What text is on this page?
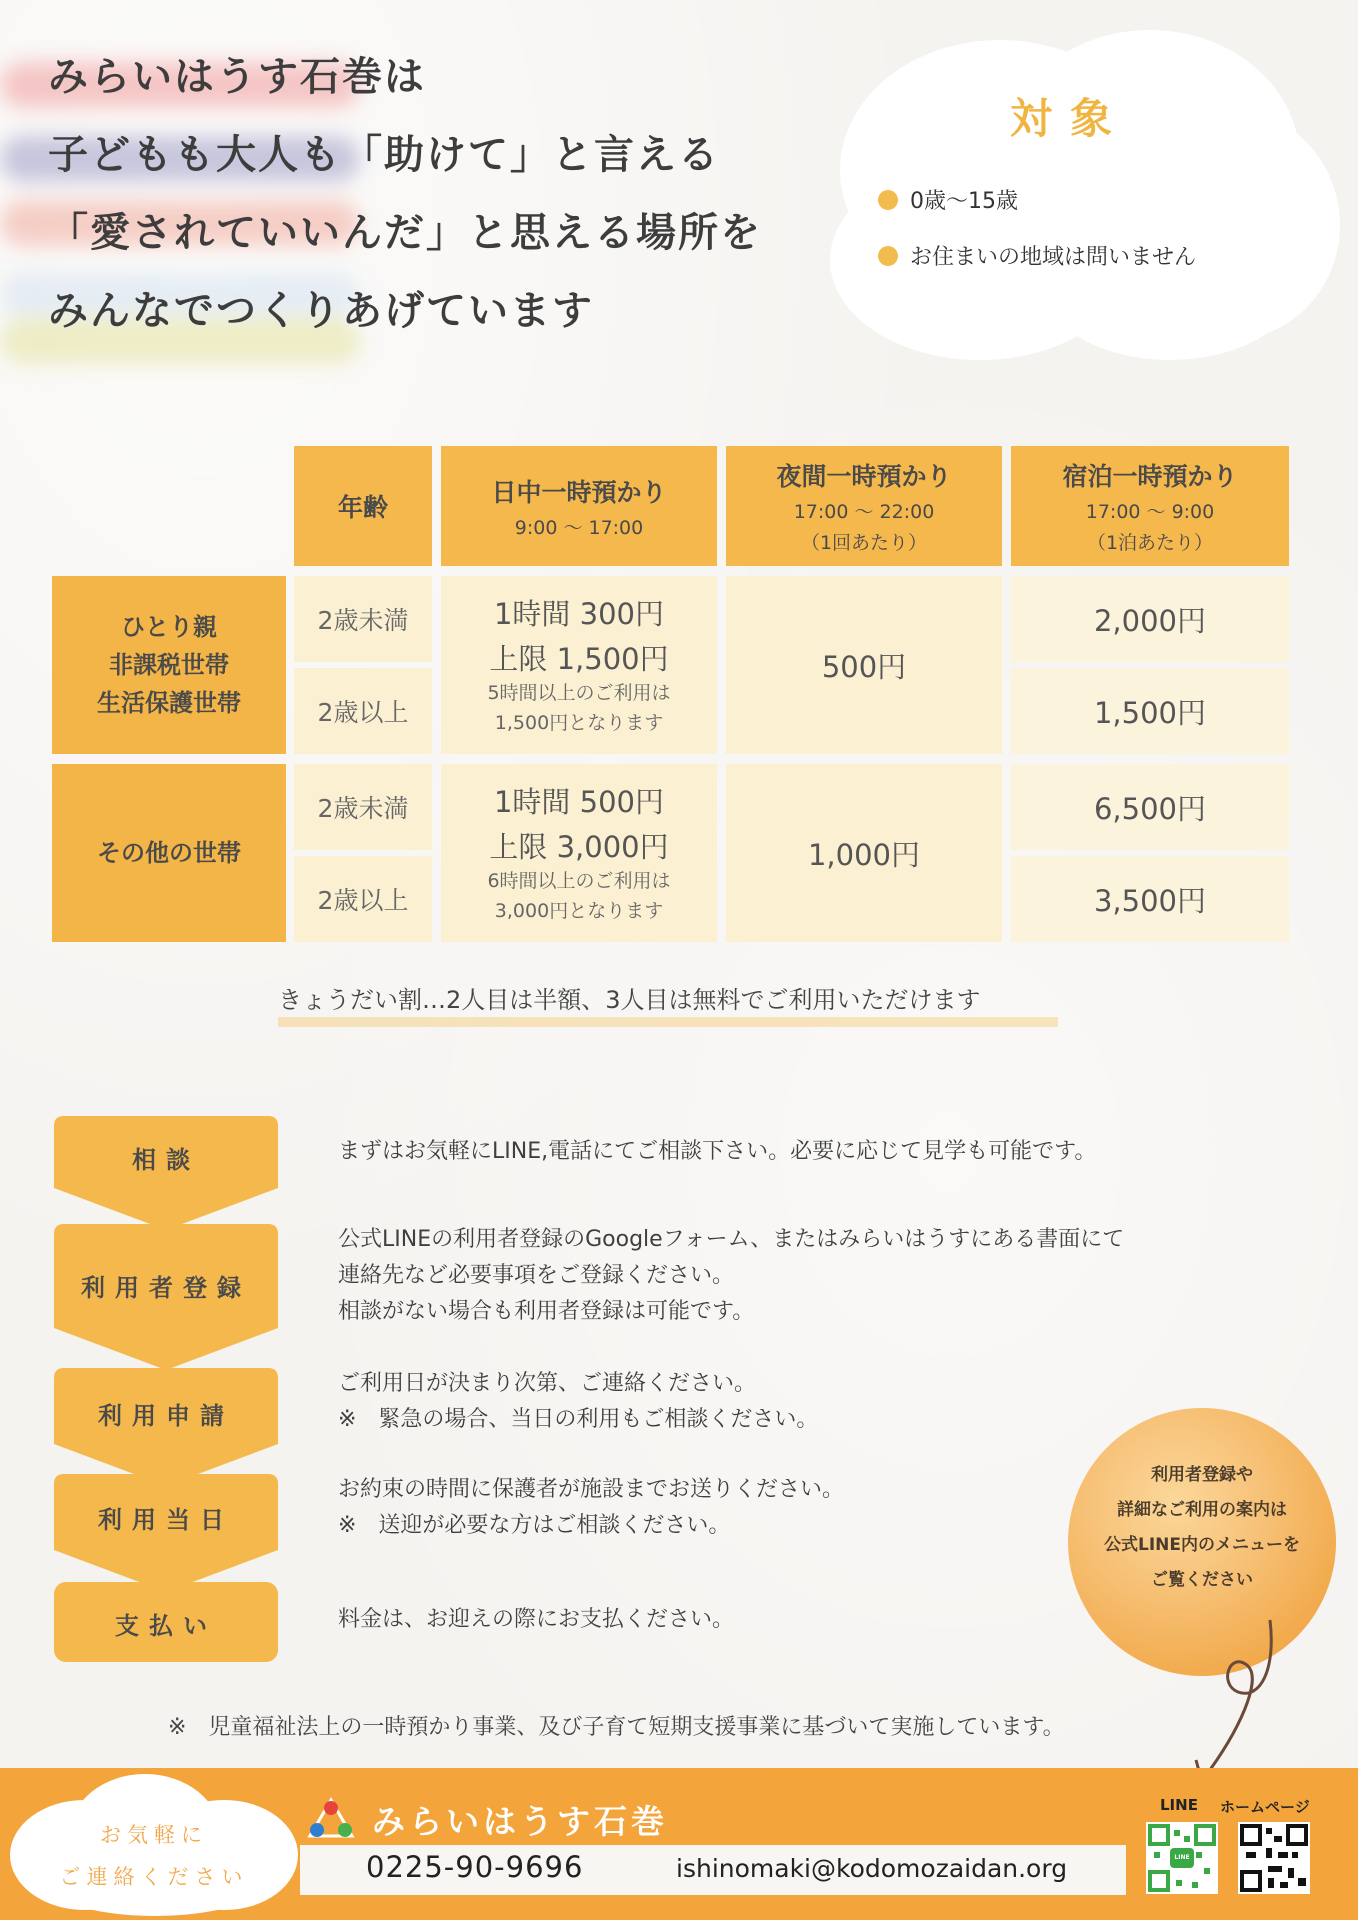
みらいはうす石巻は
子どもも大人も「助けて」と言える
「愛されていいんだ」と思える場所を
みんなでつくりあげています
対象
0歳～15歳
お住まいの地域は問いません
年齢
日中一時預かり
9:00 ～ 17:00
夜間一時預かり
17:00 ～ 22:00
（1回あたり）
宿泊一時預かり
17:00 ～ 9:00
（1泊あたり）
ひとり親
非課税世帯
生活保護世帯
2歳未満
2歳以上
1時間 300円
上限 1,500円
5時間以上のご利用は
1,500円となります
500円
2,000円
1,500円
その他の世帯
2歳未満
2歳以上
1時間 500円
上限 3,000円
6時間以上のご利用は
3,000円となります
1,000円
6,500円
3,500円
きょうだい割…2人目は半額、3人目は無料でご利用いただけます
相談
利用者登録
利用申請
利用当日
支払い
まずはお気軽にLINE,電話にてご相談下さい。必要に応じて見学も可能です。
公式LINEの利用者登録のGoogleフォーム、またはみらいはうすにある書面にて
連絡先など必要事項をご登録ください。
相談がない場合も利用者登録は可能です。
ご利用日が決まり次第、ご連絡ください。
※　緊急の場合、当日の利用もご相談ください。
お約束の時間に保護者が施設までお送りください。
※　送迎が必要な方はご相談ください。
料金は、お迎えの際にお支払ください。
利用者登録や
詳細なご利用の案内は
公式LINE内のメニューを
ご覧ください
※　児童福祉法上の一時預かり事業、及び子育て短期支援事業に基づいて実施しています。
お気軽に
ご連絡ください
みらいはうす石巻
0225-90-9696	ishinomaki@kodomozaidan.org
LINE ホームページ
LINE
